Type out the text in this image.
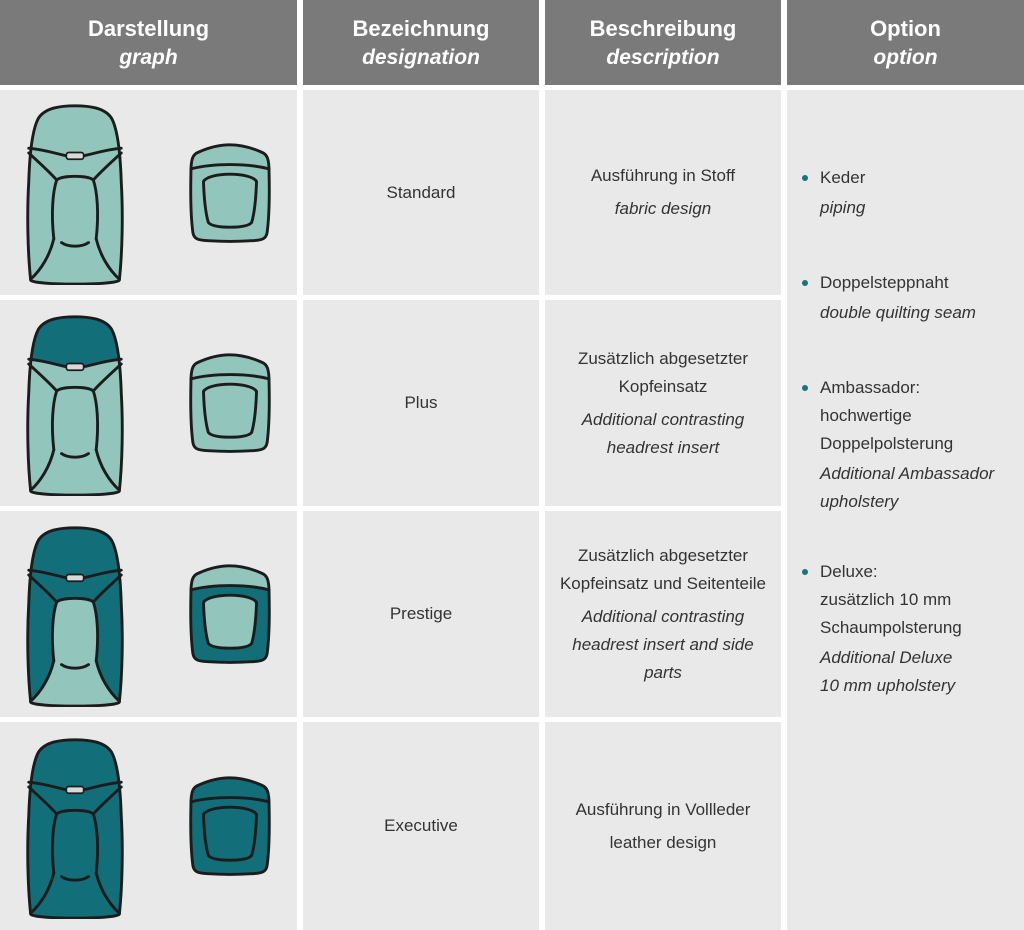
Darstellung
graph
Bezeichnung
designation
Beschreibung
description
Option
option
Standard
Ausführung in Stoff
fabric design
Keder
piping
Doppelsteppnaht
double quilting seam
Ambassador:
hochwertige
Doppelpolsterung
Additional Ambassador
upholstery
Deluxe:
zusätzlich 10 mm
Schaumpolsterung
Additional Deluxe
10 mm upholstery
Plus
Zusätzlich abgesetzter Kopfeinsatz
Additional contrasting headrest insert
Prestige
Zusätzlich abgesetzter Kopfeinsatz und Seitenteile
Additional contrasting headrest insert and side parts
Executive
Ausführung in Vollleder
leather design
